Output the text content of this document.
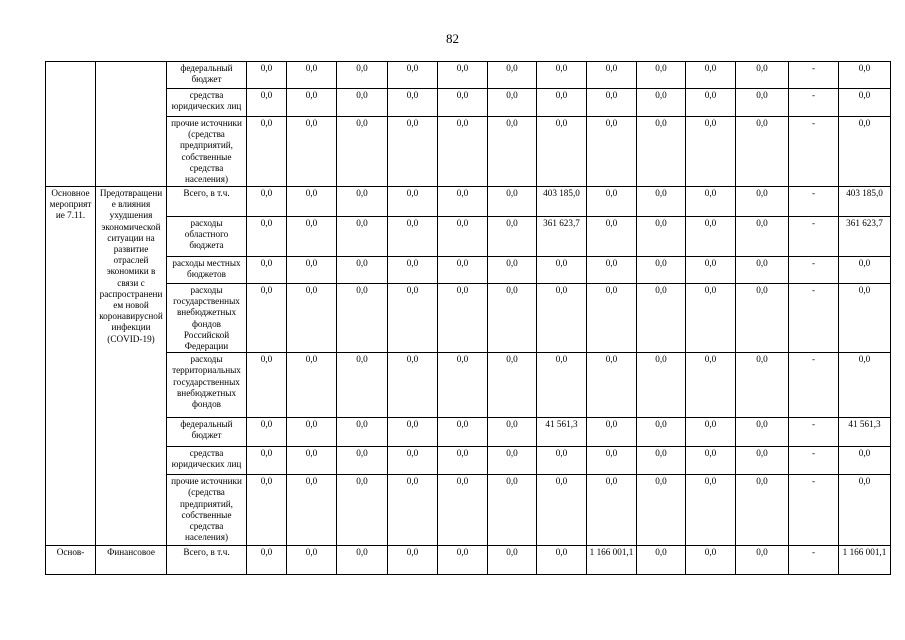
82
		федеральный бюджет	0,0	0,0	0,0	0,0	0,0	0,0	0,0	0,0	0,0	0,0	0,0	-	0,0
		средства юридических лиц	0,0	0,0	0,0	0,0	0,0	0,0	0,0	0,0	0,0	0,0	0,0	-	0,0
		прочие источники (средства предприятий, собственные средства населения)	0,0	0,0	0,0	0,0	0,0	0,0	0,0	0,0	0,0	0,0	0,0	-	0,0
Основное мероприятие 7.11.	Предотвращение влияния ухудшения экономической ситуации на развитие отраслей экономики в связи с распространением новой коронавирусной инфекции (COVID-19)	Всего, в т.ч.	0,0	0,0	0,0	0,0	0,0	0,0	403 185,0	0,0	0,0	0,0	0,0	-	403 185,0
		расходы областного бюджета	0,0	0,0	0,0	0,0	0,0	0,0	361 623,7	0,0	0,0	0,0	0,0	-	361 623,7
		расходы местных бюджетов	0,0	0,0	0,0	0,0	0,0	0,0	0,0	0,0	0,0	0,0	0,0	-	0,0
		расходы государственных внебюджетных фондов Российской Федерации	0,0	0,0	0,0	0,0	0,0	0,0	0,0	0,0	0,0	0,0	0,0	-	0,0
		расходы территориальных государственных внебюджетных фондов	0,0	0,0	0,0	0,0	0,0	0,0	0,0	0,0	0,0	0,0	0,0	-	0,0
		федеральный бюджет	0,0	0,0	0,0	0,0	0,0	0,0	41 561,3	0,0	0,0	0,0	0,0	-	41 561,3
		средства юридических лиц	0,0	0,0	0,0	0,0	0,0	0,0	0,0	0,0	0,0	0,0	0,0	-	0,0
		прочие источники (средства предприятий, собственные средства населения)	0,0	0,0	0,0	0,0	0,0	0,0	0,0	0,0	0,0	0,0	0,0	-	0,0
Основ-	Финансовое	Всего, в т.ч.	0,0	0,0	0,0	0,0	0,0	0,0	0,0	1 166 001,1	0,0	0,0	0,0	-	1 166 001,1
